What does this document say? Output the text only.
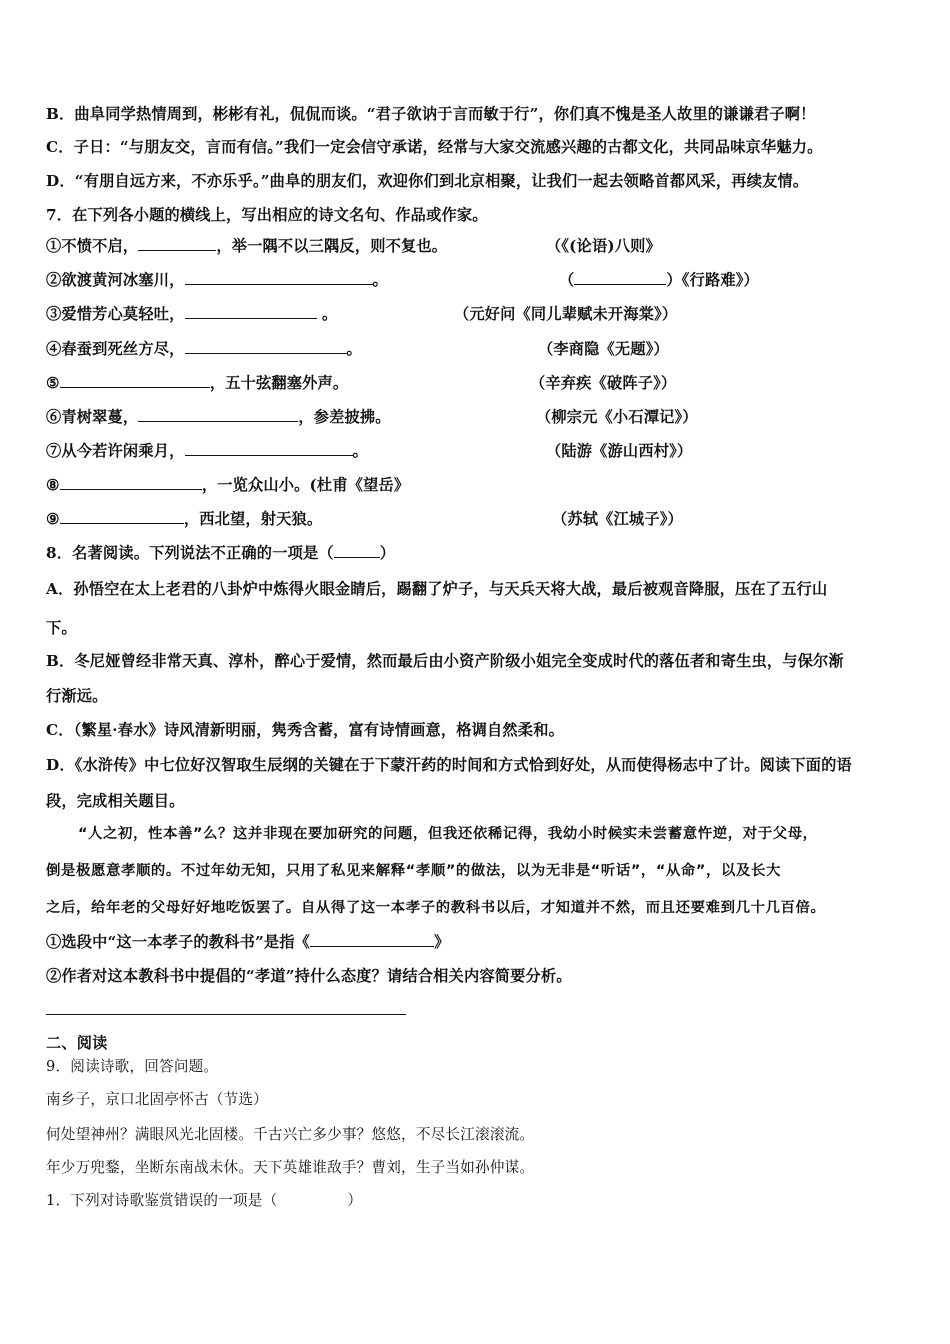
B．曲阜同学热情周到，彬彬有礼，侃侃而谈。“君子欲讷于言而敏于行”，你们真不愧是圣人故里的谦谦君子啊！
C．子日：“与朋友交，言而有信。”我们一定会信守承诺，经常与大家交流感兴趣的古都文化，共同品味京华魅力。
D．“有朋自远方来，不亦乐乎。”曲阜的朋友们，欢迎你们到北京相聚，让我们一起去领略首都风采，再续友情。
7．在下列各小题的横线上，写出相应的诗文名句、作品或作家。
①不愤不启，	，举一隅不以三隅反，则不复也。	（《(论语)八则》
②欲渡黄河冰塞川，	。	（	）《行路难》）
③爱惜芳心莫轻吐，	。	（元好问《同儿辈赋未开海棠》）
④春蚕到死丝方尽，	。	（李商隐《无题》）
⑤	，五十弦翻塞外声。	（辛弃疾《破阵子》）
⑥青树翠蔓，	，参差披拂。	（柳宗元《小石潭记》）
⑦从今若许闲乘月，	。	（陆游《游山西村》）
⑧	，一览众山小。(杜甫《望岳》
⑨	，西北望，射天狼。	（苏轼《江城子》）
8．名著阅读。下列说法不正确的一项是（	）
A．孙悟空在太上老君的八卦炉中炼得火眼金睛后，踢翻了炉子，与天兵天将大战，最后被观音降服，压在了五行山
下。
B．冬尼娅曾经非常天真、淳朴，醉心于爱情，然而最后由小资产阶级小姐完全变成时代的落伍者和寄生虫，与保尔渐
行渐远。
C．（繁星·春水》诗风清新明丽，隽秀含蓄，富有诗情画意，格调自然柔和。
D．《水浒传》中七位好汉智取生辰纲的关键在于下蒙汗药的时间和方式恰到好处，从而使得杨志中了计。阅读下面的语
段，完成相关题目。
“人之初，性本善”么？这并非现在要加研究的问题，但我还依稀记得，我幼小时候实未尝蓄意忤逆，对于父母，
倒是极愿意孝顺的。不过年幼无知，只用了私见来解释“孝顺”的做法，以为无非是“听话”，“从命”，以及长大
之后，给年老的父母好好地吃饭罢了。自从得了这一本孝子的教科书以后，才知道并不然，而且还要难到几十几百倍。
①选段中“这一本孝子的教科书”是指《	》
②作者对这本教科书中提倡的“孝道”持什么态度？请结合相关内容简要分析。
二、阅读
9．阅读诗歌，回答问题。
南乡子，京口北固亭怀古（节选）
何处望神州？满眼风光北固楼。千古兴亡多少事？悠悠，不尽长江滚滚流。
年少万兜鍪，坐断东南战未休。天下英雄谁敌手？曹刘，生子当如孙仲谋。
1．下列对诗歌鉴赏错误的一项是（	）
